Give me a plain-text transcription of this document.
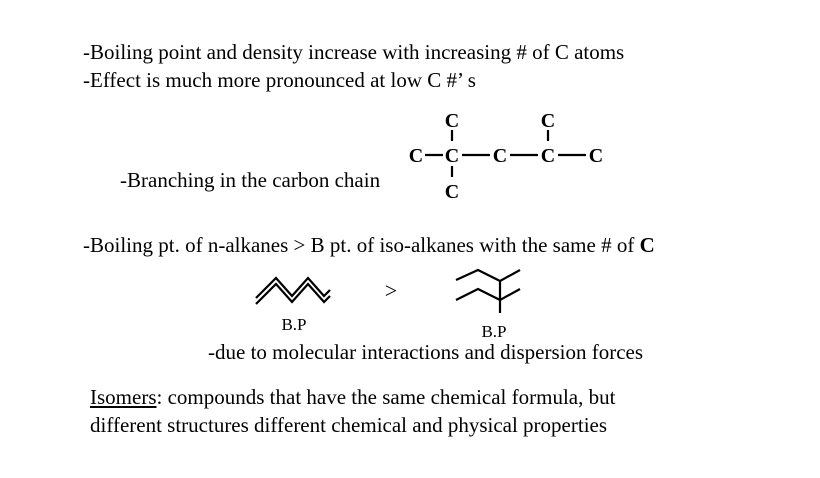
-Boiling point and density increase with increasing # of C atoms
-Effect is much more pronounced at low C #’ s
C	C
C C C C C
C
-Branching in the carbon chain
-Boiling pt. of n-alkanes > B pt. of iso-alkanes with the same # of C
>
B.P	B.P
-due to molecular interactions and dispersion forces
Isomers: compounds that have the same chemical formula, but
different structures different chemical and physical properties
